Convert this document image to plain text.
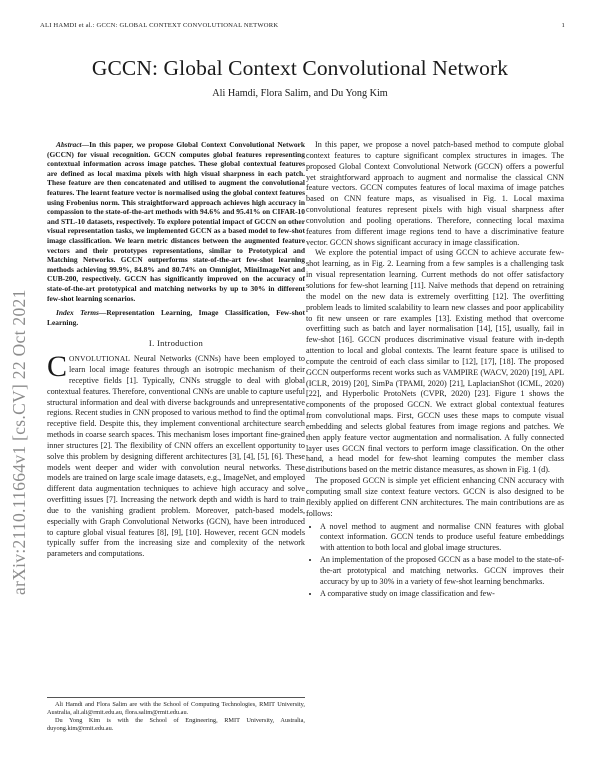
ALI HAMDI et al.: GCCN: GLOBAL CONTEXT CONVOLUTIONAL NETWORK	1
GCCN: Global Context Convolutional Network
Ali Hamdi, Flora Salim, and Du Yong Kim
arXiv:2110.11664v1 [cs.CV] 22 Oct 2021

Abstract—In this paper, we propose Global Context Convolutional Network (GCCN) for visual recognition. GCCN computes global features representing contextual information across image patches. These global contextual features are defined as local maxima pixels with high visual sharpness in each patch. These feature are then concatenated and utilised to augment the convolutional features. The learnt feature vector is normalised using the global context features using Frobenius norm. This straightforward approach achieves high accuracy in compassion to the state-of-the-art methods with 94.6% and 95.41% on CIFAR-10 and STL-10 datasets, respectively. To explore potential impact of GCCN on other visual representation tasks, we implemented GCCN as a based model to few-shot image classification. We learn metric distances between the augmented feature vectors and their prototypes representations, similar to Prototypical and Matching Networks. GCCN outperforms state-of-the-art few-shot learning methods achieving 99.9%, 84.8% and 80.74% on Omniglot, MiniImageNet and CUB-200, respectively. GCCN has significantly improved on the accuracy of state-of-the-art prototypical and matching networks by up to 30% in different few-shot learning scenarios.

Index Terms—Representation Learning, Image Classification, Few-shot Learning.

I. Introduction

CONVOLUTIONAL Neural Networks (CNNs) have been employed to learn local image features through an isotropic mechanism of their receptive fields [1]. Typically, CNNs struggle to deal with global contextual features. Therefore, conventional CNNs are unable to capture useful structural information and deal with diverse backgrounds and unrepresentative regions. Recent studies in CNN proposed to various method to find the optimal receptive field. Despite this, they implement conventional architecture search methods in coarse search spaces. This mechanism loses important fine-grained inner structures [2]. The flexibility of CNN offers an excellent opportunity to solve this problem by designing different architectures [3], [4], [5], [6]. These models went deeper and wider with convolution neural networks. These models are trained on large scale image datasets, e.g., ImageNet, and employed different data augmentation techniques to achieve high accuracy and solve overfitting issues [7]. Increasing the network depth and width is hard to train due to the vanishing gradient problem. Moreover, patch-based models, especially with Graph Convolutional Networks (GCN), have been introduced to capture global visual features [8], [9], [10]. However, recent GCN models typically suffer from the increasing size and complexity of the network parameters and computations.

Ali Hamdi and Flora Salim are with the School of Computing Technologies, RMIT University, Australia, ali.ali@rmit.edu.au, flora.salim@rmit.edu.au.

Du Yong Kim is with the School of Engineering, RMIT University, Australia, duyong.kim@rmit.edu.au.

In this paper, we propose a novel patch-based method to compute global context features to capture significant complex structures in images. The proposed Global Context Convolutional Network (GCCN) offers a powerful yet straightforward approach to augment and normalise the classical CNN feature vectors. GCCN computes features of local maxima of image patches based on CNN feature maps, as visualised in Fig. 1. Local maxima convolutional features represent pixels with high visual sharpness after convolution and pooling operations. Therefore, connecting local maxima features from different image regions tend to have a discriminative feature vector. GCCN shows significant accuracy in image classification.

We explore the potential impact of using GCCN to achieve accurate few-shot learning, as in Fig. 2. Learning from a few samples is a challenging task in visual representation learning. Current methods do not offer satisfactory solutions for few-shot learning [11]. Naïve methods that depend on retraining the model on the new data is extremely overfitting [12]. The overfitting problem leads to limited scalability to learn new classes and poor applicability to fit new unseen or rare examples [13]. Existing method that overcome overfitting such as batch and layer normalisation [14], [15], usually, fail in few-shot [16]. GCCN produces discriminative visual feature with in-depth attention to local and global contexts. The learnt feature space is utilised to compute the centroid of each class similar to [12], [17], [18]. The proposed GCCN outperforms recent works such as VAMPIRE (WACV, 2020) [19], APL (ICLR, 2019) [20], SimPa (TPAMI, 2020) [21], LaplacianShot (ICML, 2020) [22], and Hyperbolic ProtoNets (CVPR, 2020) [23]. Figure 1 shows the components of the proposed GCCN. We extract global contextual features from convolutional maps. First, GCCN uses these maps to compute visual embedding and selects global features from image regions and patches. We then apply feature vector augmentation and normalisation. A fully connected layer uses GCCN final vectors to perform image classification. On the other hand, a head model for few-shot learning computes the member class distributions based on the metric distance measures, as shown in Fig. 1 (d).

The proposed GCCN is simple yet efficient enhancing CNN accuracy with computing small size context feature vectors. GCCN is also designed to be flexibly applied on different CNN architectures. The main contributions are as follows:

• A novel method to augment and normalise CNN features with global context information. GCCN tends to produce useful feature embeddings with attention to both local and global image structures.
• An implementation of the proposed GCCN as a base model to the state-of-the-art prototypical and matching networks. GCCN improves their accuracy by up to 30% in a variety of few-shot learning benchmarks.
• A comparative study on image classification and few-
